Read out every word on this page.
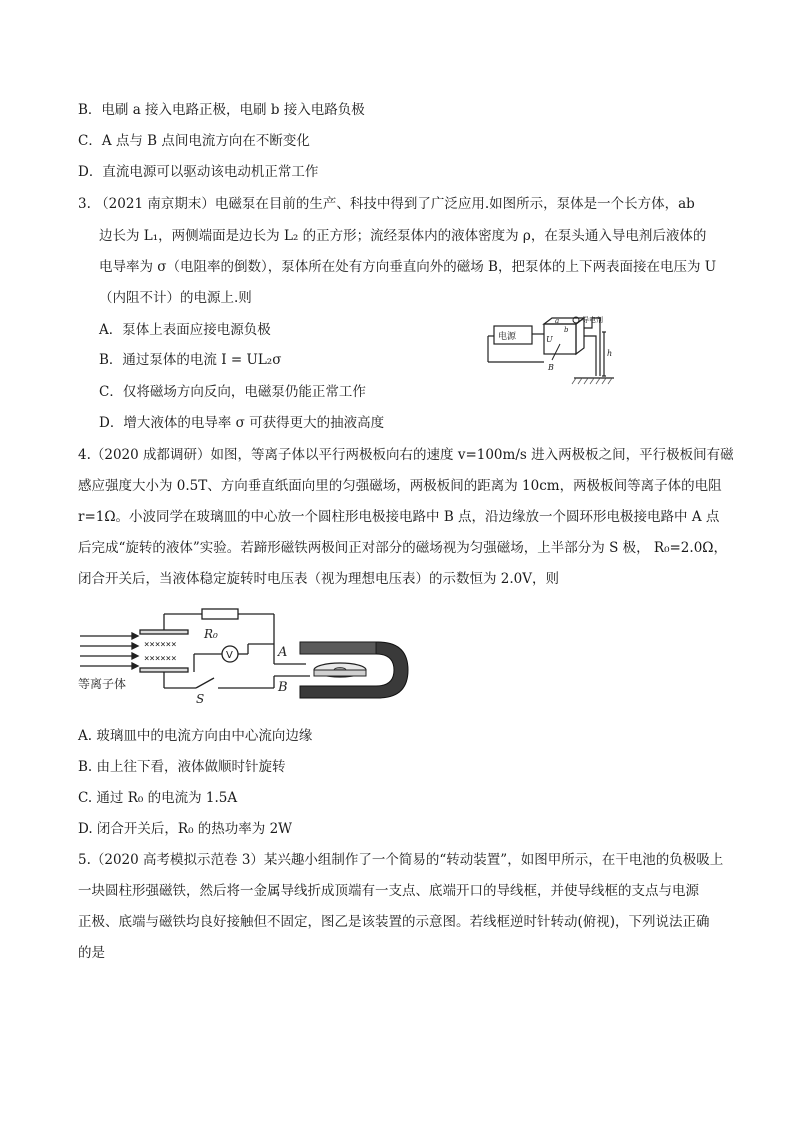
B．电刷 a 接入电路正极，电刷 b 接入电路负极
C．A 点与 B 点间电流方向在不断变化
D．直流电源可以驱动该电动机正常工作
3. （2021 南京期末）电磁泵在目前的生产、科技中得到了广泛应用.如图所示，泵体是一个长方体，ab
边长为 L₁，两侧端面是边长为 L₂ 的正方形；流经泵体内的液体密度为 ρ，在泵头通入导电剂后液体的
电导率为 σ（电阻率的倒数），泵体所在处有方向垂直向外的磁场 B，把泵体的上下两表面接在电压为 U
（内阻不计）的电源上.则
A．泵体上表面应接电源负极
B．通过泵体的电流 I = UL₂σ
C．仅将磁场方向反向，电磁泵仍能正常工作
D．增大液体的电导率 σ 可获得更大的抽液高度
4.（2020 成都调研）如图，等离子体以平行两极板向右的速度 v=100m/s 进入两极板之间，平行极板间有磁
感应强度大小为 0.5T、方向垂直纸面向里的匀强磁场，两极板间的距离为 10cm，两极板间等离子体的电阻
r=1Ω。小波同学在玻璃皿的中心放一个圆柱形电极接电路中 B 点，沿边缘放一个圆环形电极接电路中 A 点
后完成“旋转的液体”实验。若蹄形磁铁两极间正对部分的磁场视为匀强磁场，上半部分为 S 极， R₀=2.0Ω，
闭合开关后，当液体稳定旋转时电压表（视为理想电压表）的示数恒为 2.0V，则
A. 玻璃皿中的电流方向由中心流向边缘
B. 由上往下看，液体做顺时针旋转
C. 通过 R₀ 的电流为 1.5A
D. 闭合开关后，R₀ 的热功率为 2W
5.（2020 高考模拟示范卷 3）某兴趣小组制作了一个简易的“转动装置”，如图甲所示，在干电池的负极吸上
一块圆柱形强磁铁，然后将一金属导线折成顶端有一支点、底端开口的导线框，并使导线框的支点与电源
正极、底端与磁铁均良好接触但不固定，图乙是该装置的示意图。若线框逆时针转动(俯视)，下列说法正确
的是
电源
导电剂
U
B
a
b
h
××××××
××××××
R₀
V	A
B
S
等离子体
